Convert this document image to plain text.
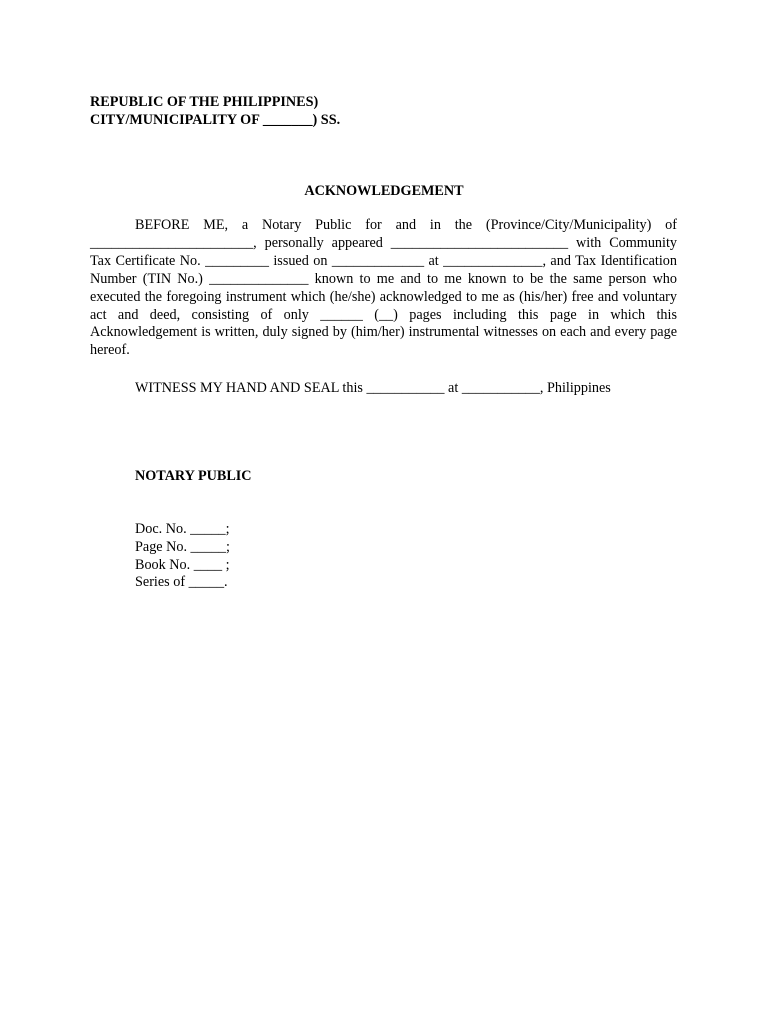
REPUBLIC OF THE PHILIPPINES)
CITY/MUNICIPALITY OF _______) SS.
ACKNOWLEDGEMENT

BEFORE ME, a Notary Public for and in the (Province/City/Municipality) of _______________________, personally appeared _________________________ with Community Tax Certificate No. _________ issued on _____________ at ______________, and Tax Identification Number (TIN No.) ______________ known to me and to me known to be the same person who executed the foregoing instrument which (he/she) acknowledged to me as (his/her) free and voluntary act and deed, consisting of only ______ (__) pages including this page in which this Acknowledgement is written, duly signed by (him/her) instrumental witnesses on each and every page hereof.

WITNESS MY HAND AND SEAL this ___________ at ___________, Philippines
NOTARY PUBLIC
Doc. No. _____;
Page No. _____;
Book No. ____ ;
Series of _____.
